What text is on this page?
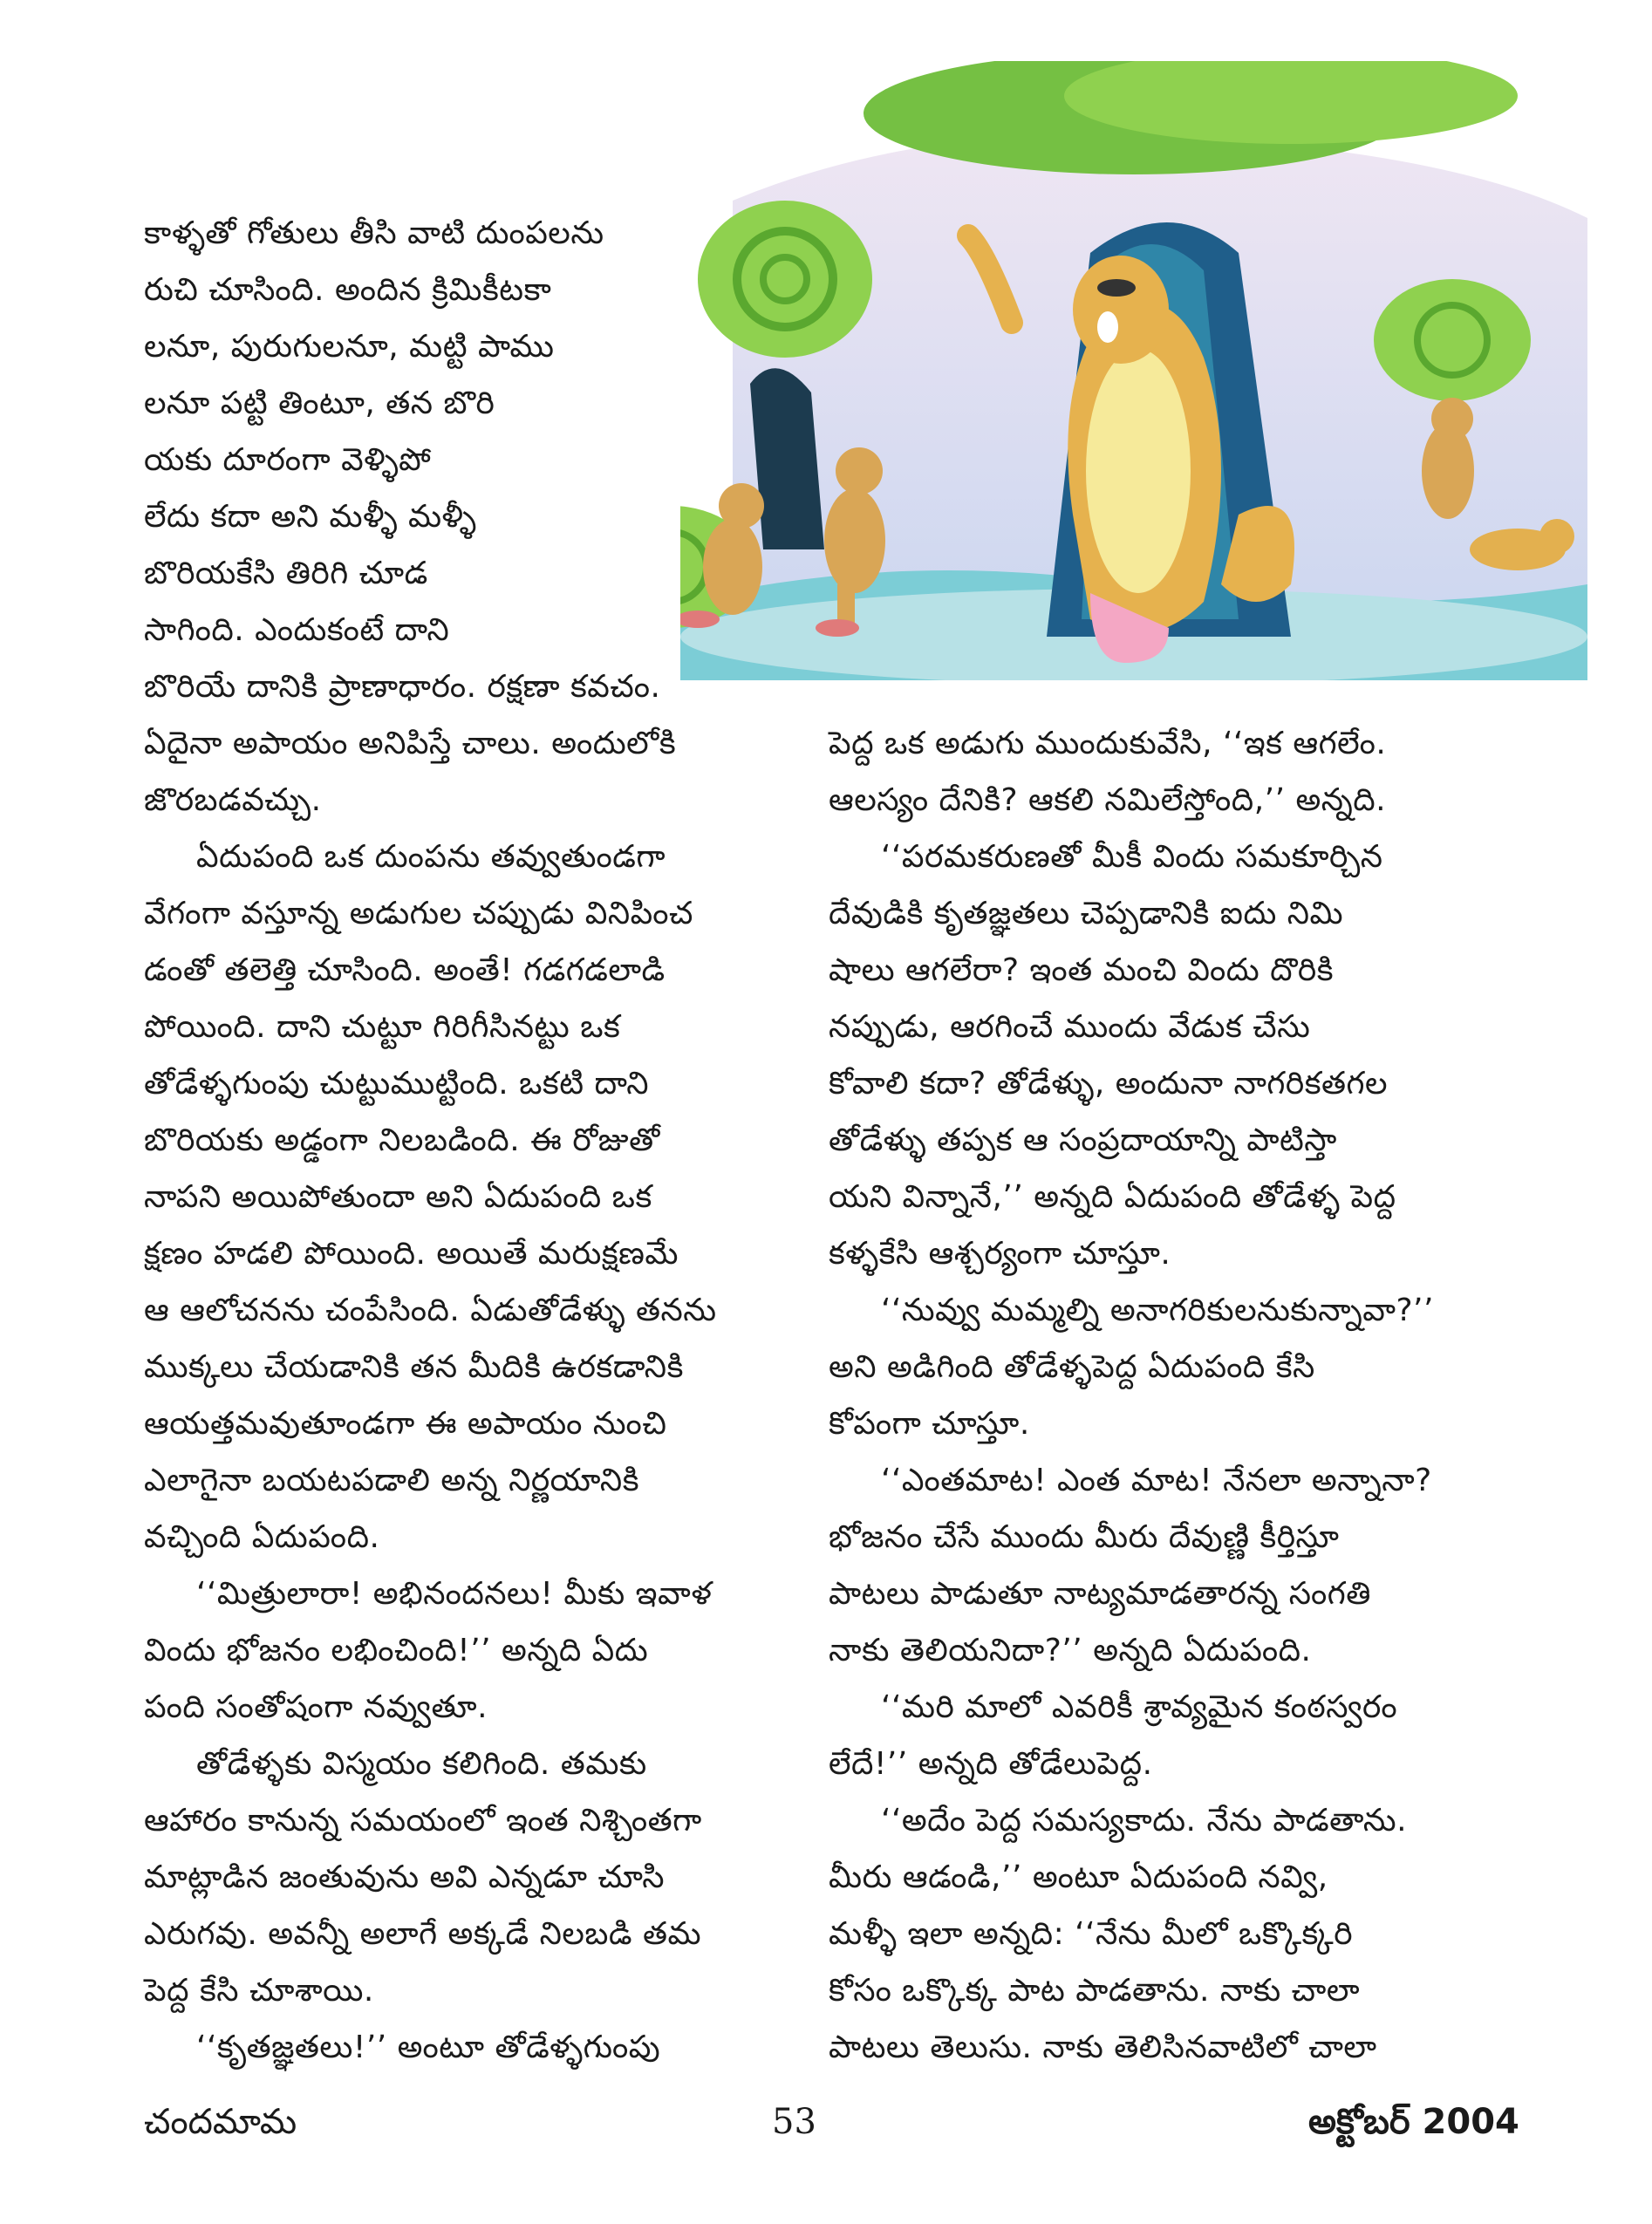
కాళ్ళతో గోతులు తీసి వాటి దుంపలను
రుచి చూసింది. అందిన క్రిమికీటకా
లనూ, పురుగులనూ, మట్టి పాము
లనూ పట్టి తింటూ, తన బొరి
యకు దూరంగా వెళ్ళిపో
లేదు కదా అని మళ్ళీ మళ్ళీ
బొరియకేసి తిరిగి చూడ
సాగింది. ఎందుకంటే దాని
బొరియే దానికి ప్రాణాధారం. రక్షణా కవచం.
ఏదైనా అపాయం అనిపిస్తే చాలు. అందులోకి
జొరబడవచ్చు.
ఏదుపంది ఒక దుంపను తవ్వుతుండగా
వేగంగా వస్తూన్న అడుగుల చప్పుడు వినిపించ
డంతో తలెత్తి చూసింది. అంతే! గడగడలాడి
పోయింది. దాని చుట్టూ గిరిగీసినట్టు ఒక
తోడేళ్ళగుంపు చుట్టుముట్టింది. ఒకటి దాని
బొరియకు అడ్డంగా నిలబడింది. ఈ రోజుతో
నాపని అయిపోతుందా అని ఏదుపంది ఒక
క్షణం హడలి పోయింది. అయితే మరుక్షణమే
ఆ ఆలోచనను చంపేసింది. ఏడుతోడేళ్ళు తనను
ముక్కలు చేయడానికి తన మీదికి ఉరకడానికి
ఆయత్తమవుతూండగా ఈ అపాయం నుంచి
ఎలాగైనా బయటపడాలి అన్న నిర్ణయానికి
వచ్చింది ఏదుపంది.
‘‘మిత్రులారా! అభినందనలు! మీకు ఇవాళ
విందు భోజనం లభించింది!’’ అన్నది ఏదు
పంది సంతోషంగా నవ్వుతూ.
తోడేళ్ళకు విస్మయం కలిగింది. తమకు
ఆహారం కానున్న సమయంలో ఇంత నిశ్చింతగా
మాట్లాడిన జంతువును అవి ఎన్నడూ చూసి
ఎరుగవు. అవన్నీ అలాగే అక్కడే నిలబడి తమ
పెద్ద కేసి చూశాయి.
‘‘కృతజ్ఞతలు!’’ అంటూ తోడేళ్ళగుంపు
పెద్ద ఒక అడుగు ముందుకువేసి, ‘‘ఇక ఆగలేం.
ఆలస్యం దేనికి? ఆకలి నమిలేస్తోంది,’’ అన్నది.
‘‘పరమకరుణతో మీకీ విందు సమకూర్చిన
దేవుడికి కృతజ్ఞతలు చెప్పడానికి ఐదు నిమి
షాలు ఆగలేరా? ఇంత మంచి విందు దొరికి
నప్పుడు, ఆరగించే ముందు వేడుక చేసు
కోవాలి కదా? తోడేళ్ళు, అందునా నాగరికతగల
తోడేళ్ళు తప్పక ఆ సంప్రదాయాన్ని పాటిస్తా
యని విన్నానే,’’ అన్నది ఏదుపంది తోడేళ్ళ పెద్ద
కళ్ళకేసి ఆశ్చర్యంగా చూస్తూ.
‘‘నువ్వు మమ్మల్ని అనాగరికులనుకున్నావా?’’
అని అడిగింది తోడేళ్ళపెద్ద ఏదుపంది కేసి
కోపంగా చూస్తూ.
‘‘ఎంతమాట! ఎంత మాట! నేనలా అన్నానా?
భోజనం చేసే ముందు మీరు దేవుణ్ణి కీర్తిస్తూ
పాటలు పాడుతూ నాట్యమాడతారన్న సంగతి
నాకు తెలియనిదా?’’ అన్నది ఏదుపంది.
‘‘మరి మాలో ఎవరికీ శ్రావ్యమైన కంఠస్వరం
లేదే!’’ అన్నది తోడేలుపెద్ద.
‘‘అదేం పెద్ద సమస్యకాదు. నేను పాడతాను.
మీరు ఆడండి,’’ అంటూ ఏదుపంది నవ్వి,
మళ్ళీ ఇలా అన్నది: ‘‘నేను మీలో ఒక్కొక్కరి
కోసం ఒక్కొక్క పాట పాడతాను. నాకు చాలా
పాటలు తెలుసు. నాకు తెలిసినవాటిలో చాలా
చందమామ	53	అక్టోబర్ 2004
